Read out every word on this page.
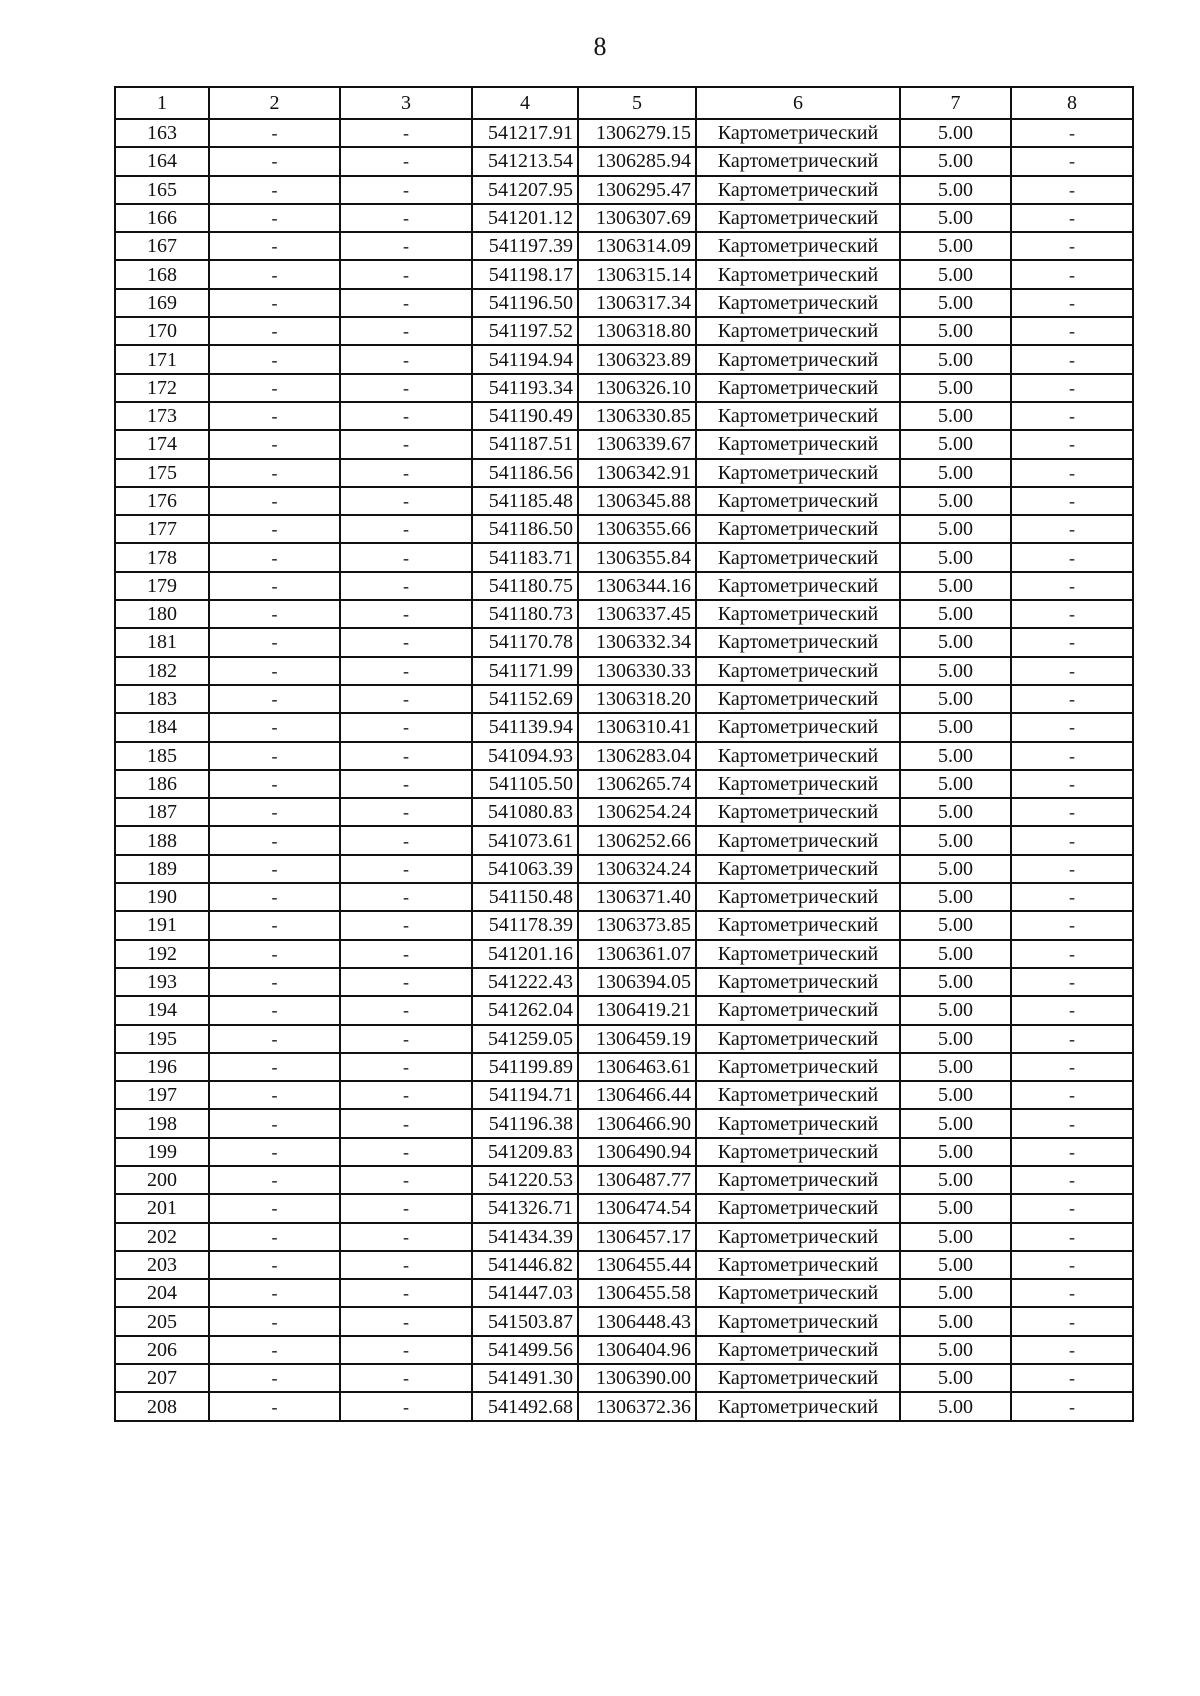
8
1	2	3	4	5	6	7	8
163	-	-	541217.91	1306279.15	Картометрический	5.00	-
164	-	-	541213.54	1306285.94	Картометрический	5.00	-
165	-	-	541207.95	1306295.47	Картометрический	5.00	-
166	-	-	541201.12	1306307.69	Картометрический	5.00	-
167	-	-	541197.39	1306314.09	Картометрический	5.00	-
168	-	-	541198.17	1306315.14	Картометрический	5.00	-
169	-	-	541196.50	1306317.34	Картометрический	5.00	-
170	-	-	541197.52	1306318.80	Картометрический	5.00	-
171	-	-	541194.94	1306323.89	Картометрический	5.00	-
172	-	-	541193.34	1306326.10	Картометрический	5.00	-
173	-	-	541190.49	1306330.85	Картометрический	5.00	-
174	-	-	541187.51	1306339.67	Картометрический	5.00	-
175	-	-	541186.56	1306342.91	Картометрический	5.00	-
176	-	-	541185.48	1306345.88	Картометрический	5.00	-
177	-	-	541186.50	1306355.66	Картометрический	5.00	-
178	-	-	541183.71	1306355.84	Картометрический	5.00	-
179	-	-	541180.75	1306344.16	Картометрический	5.00	-
180	-	-	541180.73	1306337.45	Картометрический	5.00	-
181	-	-	541170.78	1306332.34	Картометрический	5.00	-
182	-	-	541171.99	1306330.33	Картометрический	5.00	-
183	-	-	541152.69	1306318.20	Картометрический	5.00	-
184	-	-	541139.94	1306310.41	Картометрический	5.00	-
185	-	-	541094.93	1306283.04	Картометрический	5.00	-
186	-	-	541105.50	1306265.74	Картометрический	5.00	-
187	-	-	541080.83	1306254.24	Картометрический	5.00	-
188	-	-	541073.61	1306252.66	Картометрический	5.00	-
189	-	-	541063.39	1306324.24	Картометрический	5.00	-
190	-	-	541150.48	1306371.40	Картометрический	5.00	-
191	-	-	541178.39	1306373.85	Картометрический	5.00	-
192	-	-	541201.16	1306361.07	Картометрический	5.00	-
193	-	-	541222.43	1306394.05	Картометрический	5.00	-
194	-	-	541262.04	1306419.21	Картометрический	5.00	-
195	-	-	541259.05	1306459.19	Картометрический	5.00	-
196	-	-	541199.89	1306463.61	Картометрический	5.00	-
197	-	-	541194.71	1306466.44	Картометрический	5.00	-
198	-	-	541196.38	1306466.90	Картометрический	5.00	-
199	-	-	541209.83	1306490.94	Картометрический	5.00	-
200	-	-	541220.53	1306487.77	Картометрический	5.00	-
201	-	-	541326.71	1306474.54	Картометрический	5.00	-
202	-	-	541434.39	1306457.17	Картометрический	5.00	-
203	-	-	541446.82	1306455.44	Картометрический	5.00	-
204	-	-	541447.03	1306455.58	Картометрический	5.00	-
205	-	-	541503.87	1306448.43	Картометрический	5.00	-
206	-	-	541499.56	1306404.96	Картометрический	5.00	-
207	-	-	541491.30	1306390.00	Картометрический	5.00	-
208	-	-	541492.68	1306372.36	Картометрический	5.00	-
